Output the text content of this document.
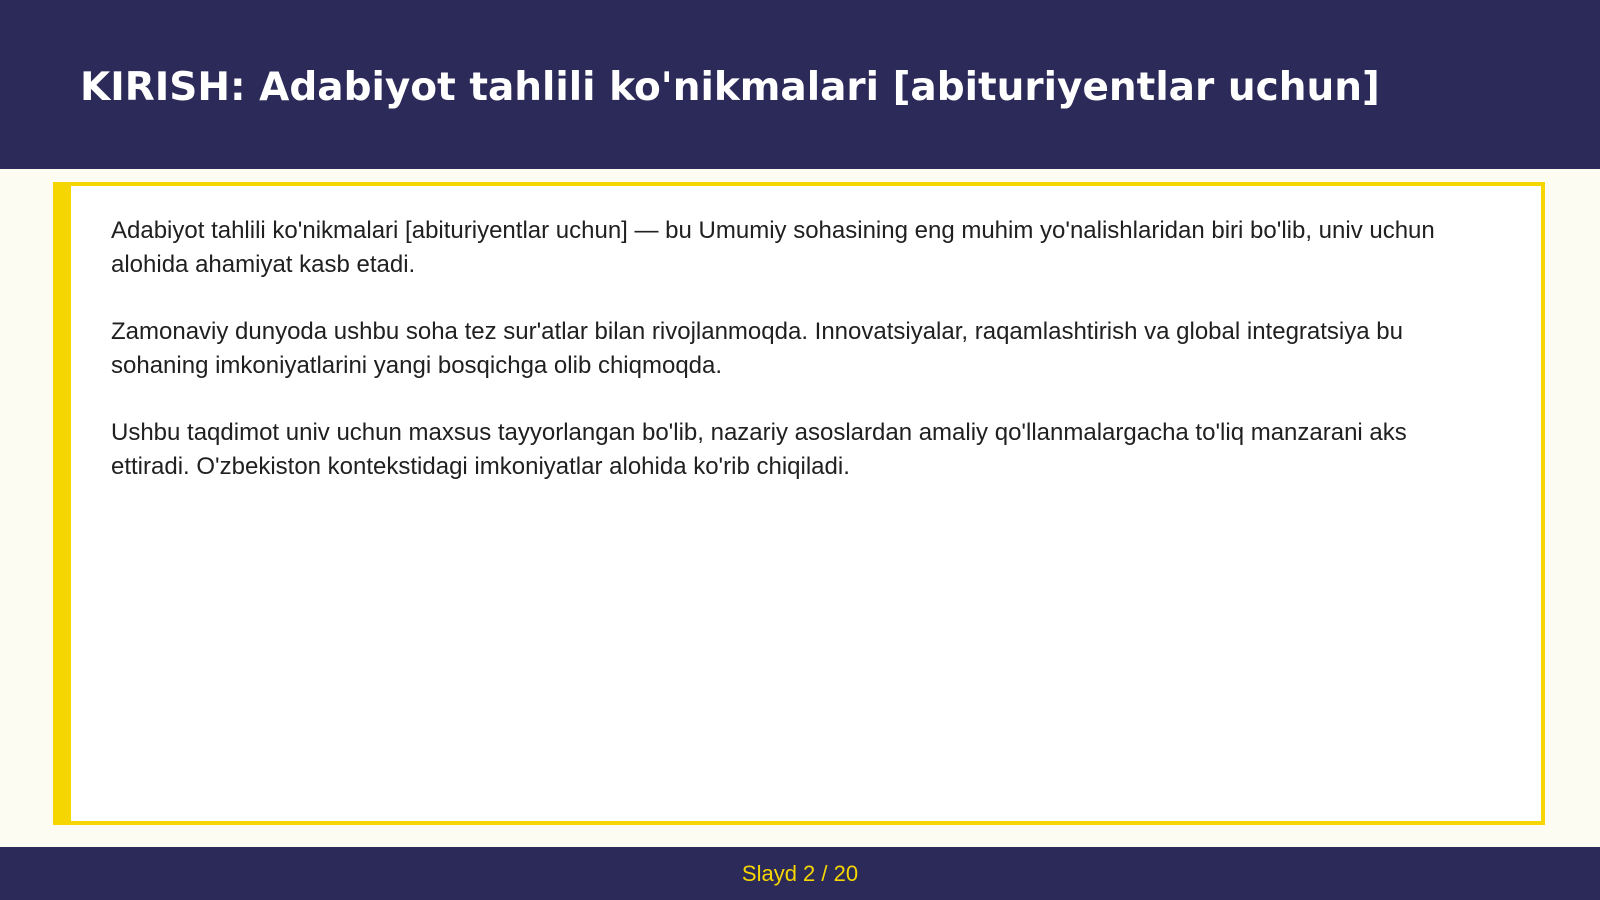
KIRISH: Adabiyot tahlili ko'nikmalari [abituriyentlar uchun]

Adabiyot tahlili ko'nikmalari [abituriyentlar uchun] — bu Umumiy sohasining eng muhim yo'nalishlaridan biri bo'lib, univ uchun alohida ahamiyat kasb etadi.

Zamonaviy dunyoda ushbu soha tez sur'atlar bilan rivojlanmoqda. Innovatsiyalar, raqamlashtirish va global integratsiya bu sohaning imkoniyatlarini yangi bosqichga olib chiqmoqda.

Ushbu taqdimot univ uchun maxsus tayyorlangan bo'lib, nazariy asoslardan amaliy qo'llanmalargacha to'liq manzarani aks ettiradi. O'zbekiston kontekstidagi imkoniyatlar alohida ko'rib chiqiladi.

Slayd 2 / 20
